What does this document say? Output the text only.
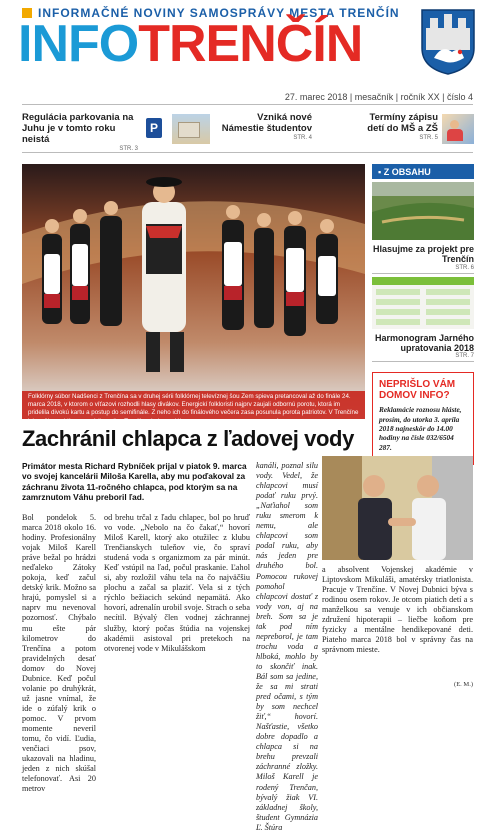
INFORMAČNÉ NOVINY SAMOSPRÁVY MESTA TRENČÍN
INFOTRENČÍN
27. marec 2018 | mesačník | ročník XX | číslo 4
Regulácia parkovania na Juhu je v tomto roku neistá
STR. 3
P
Vzniká nové Námestie študentov
STR. 4
Termíny zápisu detí do MŠ a ZŠ
STR. 5
Folklórny súbor Nadšenci z Trenčína sa v druhej sérii folklórnej televíznej šou Zem spieva pretancoval až do finále 24. marca 2018, v ktorom o víťazovi rozhodli hlasy divákov. Energickí folkloristi najprv zaujali odbornú porotu, ktorá im pridelila divokú kartu a postup do semifinále. Z neho ich do finálového večera zasa posunula porota patriotov. V Trenčíne ich naživo uvidíme na pódiu počas Trenčianskeho majálesu. FOTO: RTVS/PATRIK BATAJSKÝ
▪ Z OBSAHU
Hlasujme za projekt pre Trenčín
STR. 6
Harmonogram Jarného upratovania 2018
STR. 7
NEPRIŠLO VÁM DOMOV INFO?
Reklamácie roznosu hláste, prosím, do utorka 3. apríla 2018 najneskôr do 14.00 hodiny na čísle 032/6504 287.
Zachránil chlapca z ľadovej vody
Primátor mesta Richard Rybníček prijal v piatok 9. marca vo svojej kancelárii Miloša Karella, aby mu poďakoval za záchranu života 11-ročného chlapca, pod ktorým sa na zamrznutom Váhu preboril ľad.
Bol pondelok 5. marca 2018 okolo 16. hodiny. Profesionálny vojak Miloš Karell práve bežal po hrádzi neďaleko Zátoky pokoja, keď začul detský krik. Možno sa hrajú, pomyslel si a naprv mu nevenoval pozornosť. Chýbalo mu ešte pár kilometrov do Trenčína a potom pravidelných desať domov do Novej Dubnice. Keď počul volanie po druhýkrát, už jasne vnímal, že ide o zúfalý krik o pomoc. V prvom momente neveril tomu, čo vidí. Ľudia, venčiaci psov, ukazovali na hladinu, jeden z nich skúšal telefonovať. Asi 20 metrov
od brehu trčal z ľadu chlapec, bol po hruď vo vode. „Nebolo na čo čakať,“ hovorí Miloš Karell, ktorý ako otužilec z klubu Trenčianskych tuleňov vie, čo spraví studená voda s organizmom za pár minút. Keď vstúpil na ľad, počul praskanie. Ľahol si, aby rozložil váhu tela na čo najväčšiu plochu a začal sa plaziť. Vela si z tých rýchlo bežiacich sekúnd nepamätá. Ako hovorí, adrenalín urobil svoje. Strach o seba necítil. Bývalý člen vodnej záchrannej služby, ktorý počas štúdia na vojenskej akadémii asistoval pri pretekoch na otvorenej vode v Mikulášskom
kanáli, poznal silu vody. Vedel, že chlapcovi musí podať ruku prvý. „Naťiahol som ruku smerom k nemu, ale chlapcovi som podal ruku, aby nás jeden pre druhého bol. Pomocou rukovej pomohol chlapcovi dostať z vody von, aj na breh. Som sa je tak pod ním nepreborol, je tam trochu voda a hlboká, mohlo by to skončiť inak. Bál som sa jedine, že sa mi strati pred očami, s tým by som nechcel žiť,“ hovorí. Našťastie, všetko dobre dopadlo a chlapca si na brehu prevzali záchranné zložky. Miloš Karell je rodený Trenčan, bývalý žiak VI. základnej školy, študent Gymnázia Ľ. Štúra
a absolvent Vojenskej akadémie v Liptovskom Mikuláši, amatérsky triatlonista. Pracuje v Trenčíne. V Novej Dubnici býva s rodinou osem rokov. Je otcom piatich detí a s manželkou sa venuje v ich občianskom združení hipoterapii – liečbe koňom pre fyzicky a mentálne hendikepované deti. Piateho marca 2018 bol v správny čas na správnom mieste.
(E. M.)
